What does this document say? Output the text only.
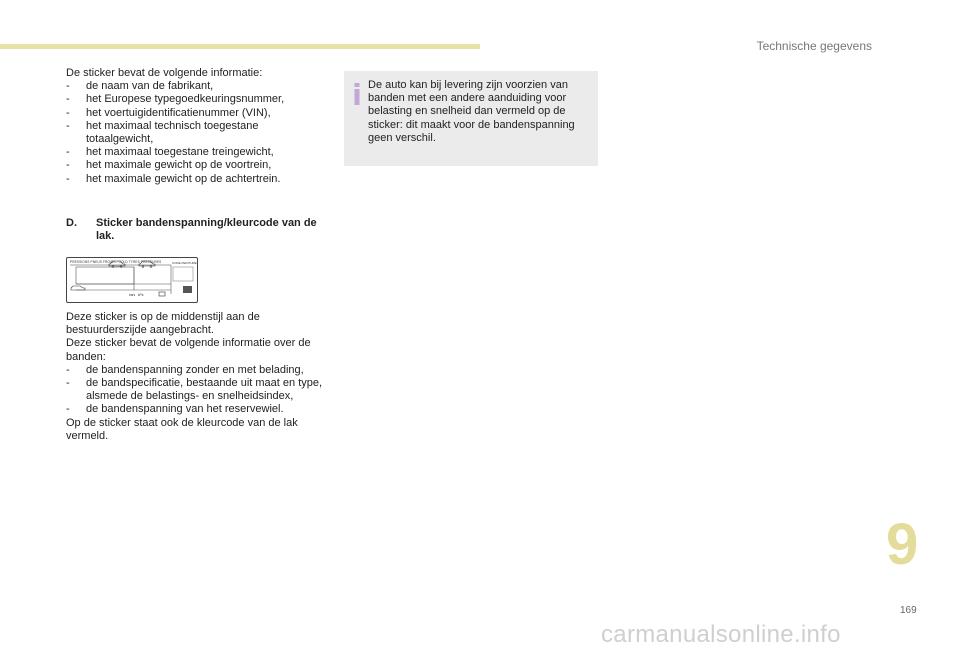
Technische gegevens

De sticker bevat de volgende informatie:

- de naam van de fabrikant,
- het Europese typegoedkeuringsnummer,
- het voertuigidentificatienummer (VIN),
- het maximaal technisch toegestane totaalgewicht,
- het maximaal toegestane treingewicht,
- het maximale gewicht op de voortrein,
- het maximale gewicht op de achtertrein.
D.	Sticker bandenspanning/kleurcode van de lak.
PRESSIONS PNEUS FROIDS / COLD TYRES PRESSURES	CODE PEINTURE
bars   kPa

Deze sticker is op de middenstijl aan de bestuurderszijde aangebracht.

Deze sticker bevat de volgende informatie over de banden:

- de bandenspanning zonder en met belading,
- de bandspecificatie, bestaande uit maat en type, alsmede de belastings- en snelheidsindex,
- de bandenspanning van het reservewiel.

Op de sticker staat ook de kleurcode van de lak vermeld.

De auto kan bij levering zijn voorzien van banden met een andere aanduiding voor belasting en snelheid dan vermeld op de sticker: dit maakt voor de bandenspanning geen verschil.
9
169
carmanualsonline.info
